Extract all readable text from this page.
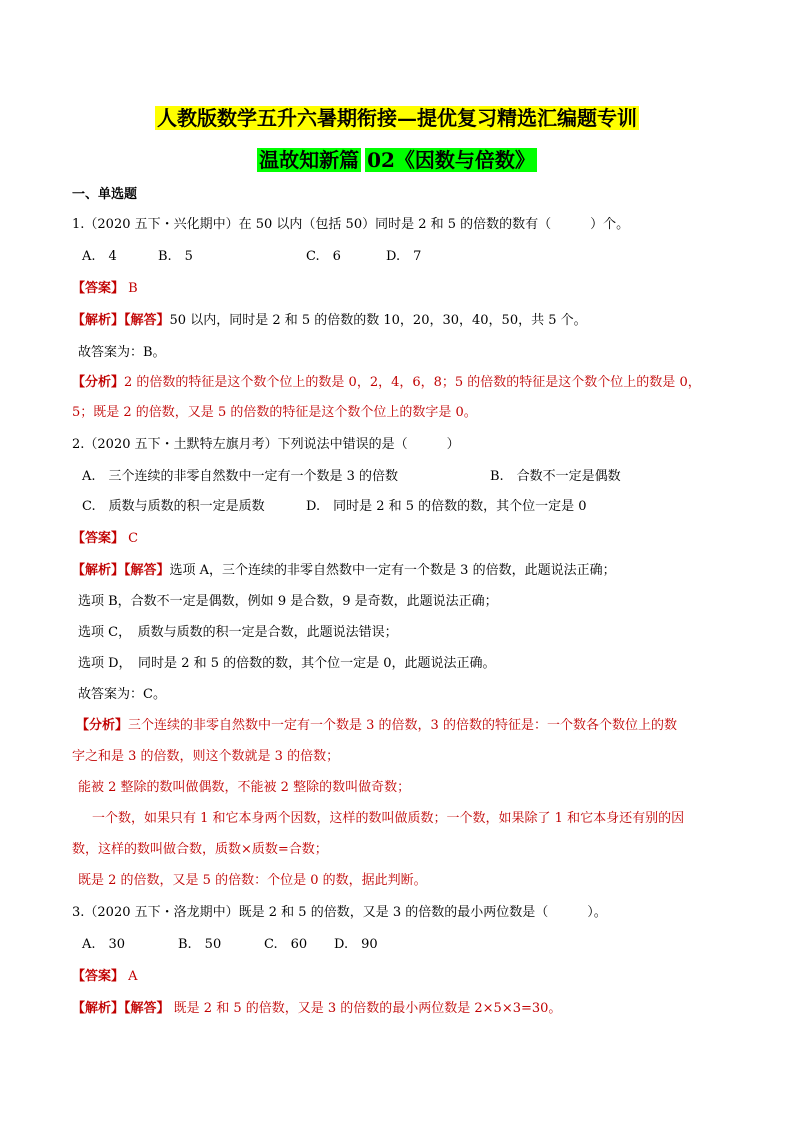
人教版数学五升六暑期衔接—提优复习精选汇编题专训
温故知新篇 02《因数与倍数》
一、单选题
1.（2020 五下・兴化期中）在 50 以内（包括 50）同时是 2 和 5 的倍数的数有（　　　）个。
A.　4	B.　5	C.　6	D.　7
【答案】 B
【解析】【解答】50 以内，同时是 2 和 5 的倍数的数 10，20，30，40，50，共 5 个。
故答案为：B。
【分析】2 的倍数的特征是这个数个位上的数是 0，2，4，6，8；5 的倍数的特征是这个数个位上的数是 0，
5；既是 2 的倍数，又是 5 的倍数的特征是这个数个位上的数字是 0。
2.（2020 五下・土默特左旗月考）下列说法中错误的是（　　　）
A.　三个连续的非零自然数中一定有一个数是 3 的倍数	B.　合数不一定是偶数
C.　质数与质数的积一定是质数	D.　同时是 2 和 5 的倍数的数，其个位一定是 0
【答案】 C
【解析】【解答】选项 A，三个连续的非零自然数中一定有一个数是 3 的倍数，此题说法正确；
选项 B，合数不一定是偶数，例如 9 是合数，9 是奇数，此题说法正确；
选项 C，　质数与质数的积一定是合数，此题说法错误；
选项 D，　同时是 2 和 5 的倍数的数，其个位一定是 0，此题说法正确。
故答案为：C。
【分析】三个连续的非零自然数中一定有一个数是 3 的倍数，3 的倍数的特征是：一个数各个数位上的数
字之和是 3 的倍数，则这个数就是 3 的倍数；
能被 2 整除的数叫做偶数，不能被 2 整除的数叫做奇数；
一个数，如果只有 1 和它本身两个因数，这样的数叫做质数；一个数，如果除了 1 和它本身还有别的因
数，这样的数叫做合数，质数×质数=合数；
既是 2 的倍数，又是 5 的倍数：个位是 0 的数，据此判断。
3.（2020 五下・洛龙期中）既是 2 和 5 的倍数，又是 3 的倍数的最小两位数是（　　　）。
A.　30	B.　50	C.　60 D.　90
【答案】 A
【解析】【解答】 既是 2 和 5 的倍数，又是 3 的倍数的最小两位数是 2×5×3=30。
